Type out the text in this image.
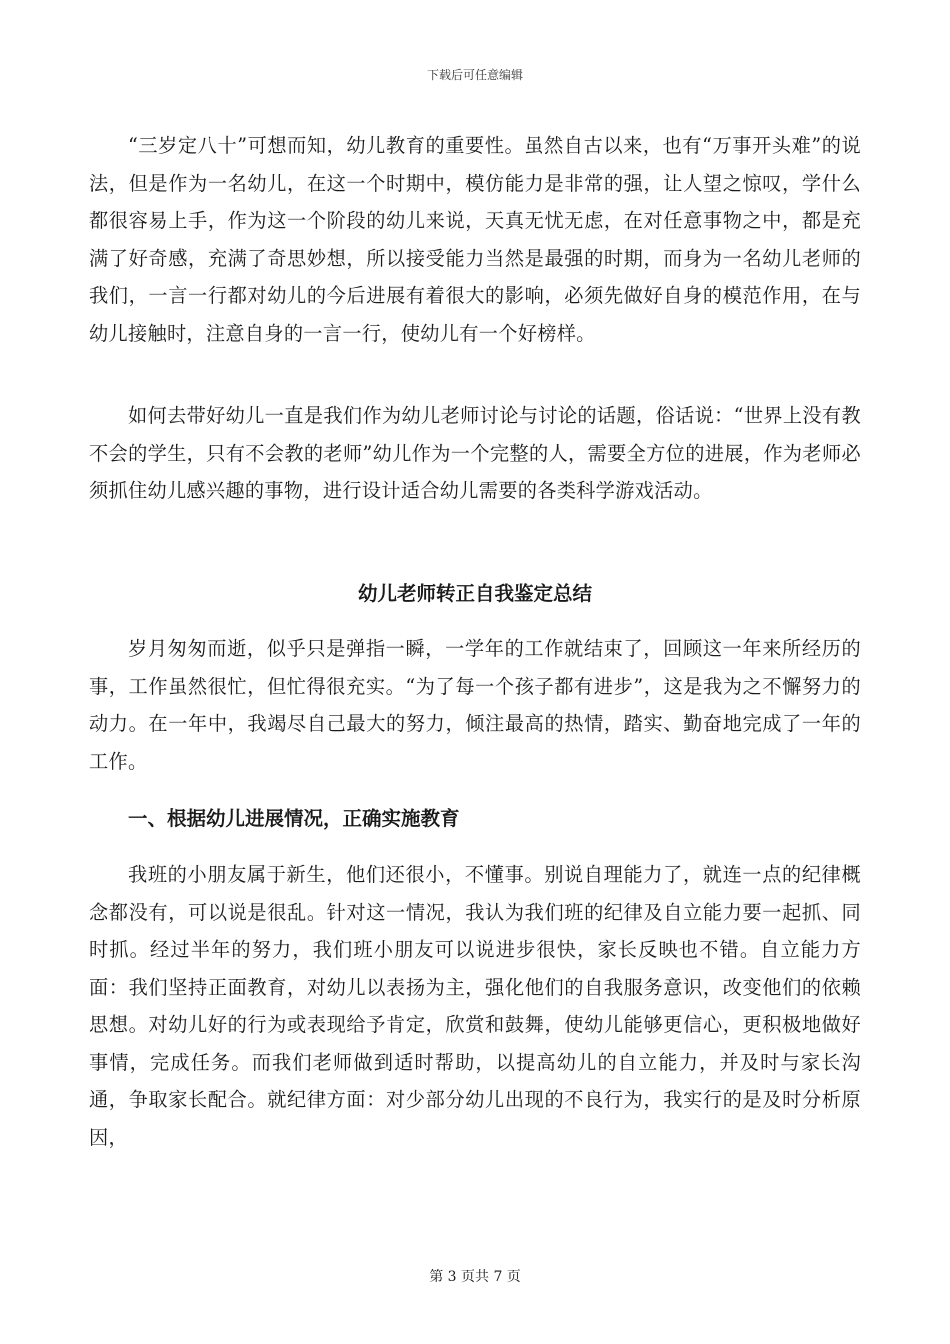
下载后可任意编辑

“三岁定八十”可想而知，幼儿教育的重要性。虽然自古以来，也有“万事开头难”的说法，但是作为一名幼儿，在这一个时期中，模仿能力是非常的强，让人望之惊叹，学什么都很容易上手，作为这一个阶段的幼儿来说，天真无忧无虑，在对任意事物之中，都是充满了好奇感，充满了奇思妙想，所以接受能力当然是最强的时期，而身为一名幼儿老师的我们，一言一行都对幼儿的今后进展有着很大的影响，必须先做好自身的模范作用，在与幼儿接触时，注意自身的一言一行，使幼儿有一个好榜样。

如何去带好幼儿一直是我们作为幼儿老师讨论与讨论的话题，俗话说：“世界上没有教不会的学生，只有不会教的老师”幼儿作为一个完整的人，需要全方位的进展，作为老师必须抓住幼儿感兴趣的事物，进行设计适合幼儿需要的各类科学游戏活动。

幼儿老师转正自我鉴定总结

岁月匆匆而逝，似乎只是弹指一瞬，一学年的工作就结束了，回顾这一年来所经历的事，工作虽然很忙，但忙得很充实。“为了每一个孩子都有进步”，这是我为之不懈努力的动力。在一年中，我竭尽自己最大的努力，倾注最高的热情，踏实、勤奋地完成了一年的工作。

一、根据幼儿进展情况，正确实施教育

我班的小朋友属于新生，他们还很小，不懂事。别说自理能力了，就连一点的纪律概念都没有，可以说是很乱。针对这一情况，我认为我们班的纪律及自立能力要一起抓、同时抓。经过半年的努力，我们班小朋友可以说进步很快，家长反映也不错。自立能力方面：我们坚持正面教育，对幼儿以表扬为主，强化他们的自我服务意识，改变他们的依赖思想。对幼儿好的行为或表现给予肯定，欣赏和鼓舞，使幼儿能够更信心，更积极地做好事情，完成任务。而我们老师做到适时帮助，以提高幼儿的自立能力，并及时与家长沟通，争取家长配合。就纪律方面：对少部分幼儿出现的不良行为，我实行的是及时分析原因，

第 3 页共 7 页
